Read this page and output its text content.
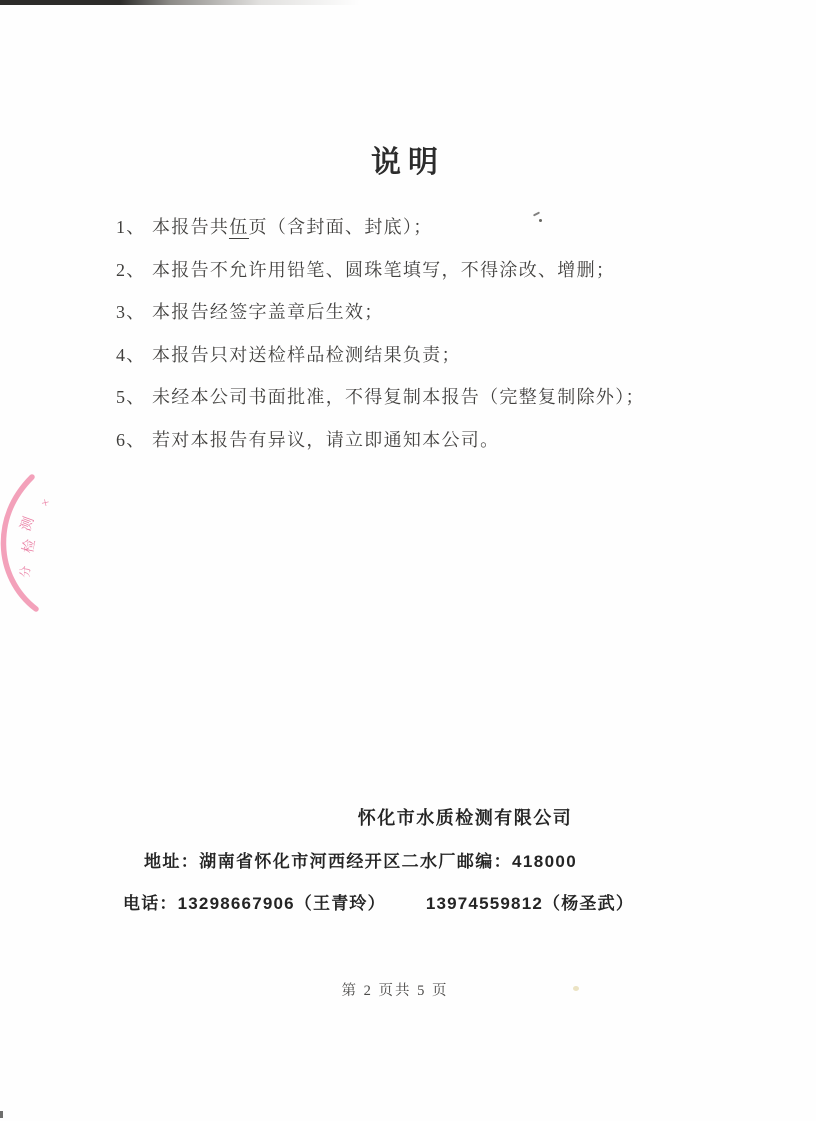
说明
1、 本报告共伍页（含封面、封底）；
2、 本报告不允许用铅笔、圆珠笔填写，不得涂改、增删；
3、 本报告经签字盖章后生效；
4、 本报告只对送检样品检测结果负责；
5、 未经本公司书面批准，不得复制本报告（完整复制除外）；
6、 若对本报告有异议，请立即通知本公司。
×
测
检
分
怀化市水质检测有限公司
地址：湖南省怀化市河西经开区二水厂邮编：418000
电话：13298667906（王青玲） 13974559812（杨圣武）
第 2 页共 5 页
